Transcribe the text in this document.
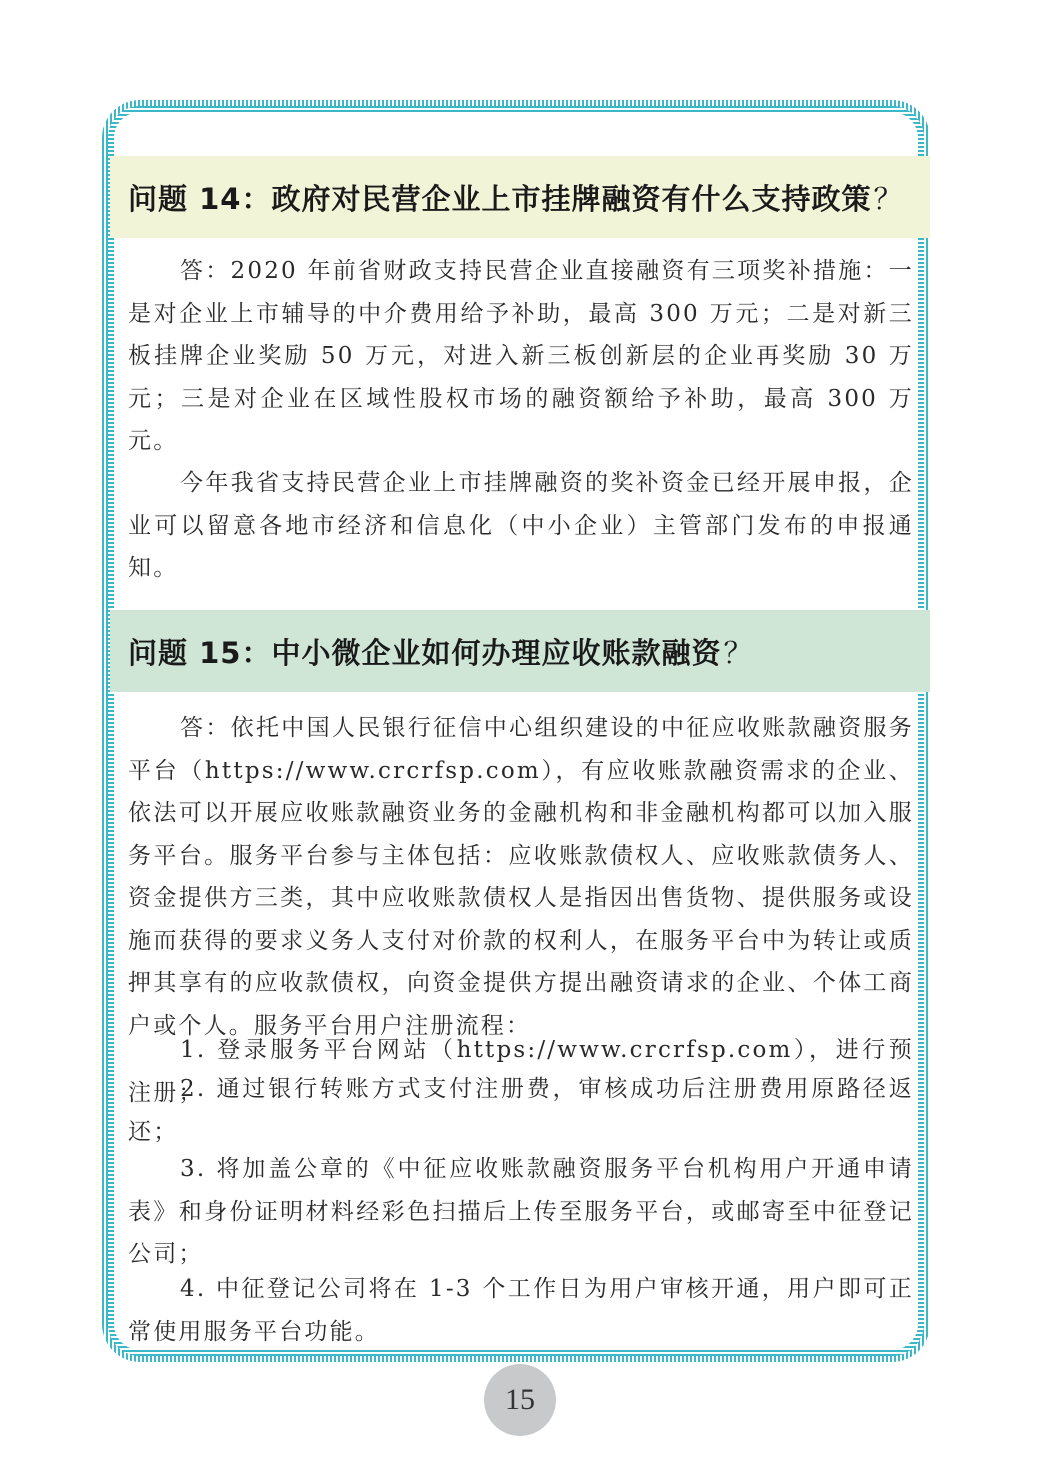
问题 14：政府对民营企业上市挂牌融资有什么支持政策 ？

答：2020 年前省财政支持民营企业直接融资有三项奖补措施：一是对企业上市辅导的中介费用给予补助，最高 300 万元；二是对新三板挂牌企业奖励 50 万元，对进入新三板创新层的企业再奖励 30 万元；三是对企业在区域性股权市场的融资额给予补助，最高 300 万元。

今年我省支持民营企业上市挂牌融资的奖补资金已经开展申报，企业可以留意各地市经济和信息化（中小企业）主管部门发布的申报通知。

问题 15：中小微企业如何办理应收账款融资 ？

答：依托中国人民银行征信中心组织建设的中征应收账款融资服务平台（https://www.crcrfsp.com），有应收账款融资需求的企业、依法可以开展应收账款融资业务的金融机构和非金融机构都可以加入服务平台。服务平台参与主体包括：应收账款债权人、应收账款债务人、资金提供方三类，其中应收账款债权人是指因出售货物、提供服务或设施而获得的要求义务人支付对价款的权利人，在服务平台中为转让或质押其享有的应收款债权，向资金提供方提出融资请求的企业、个体工商户或个人。服务平台用户注册流程：

1. 登录服务平台网站（https://www.crcrfsp.com），进行预注册；

2. 通过银行转账方式支付注册费，审核成功后注册费用原路径返还；

3. 将加盖公章的《中征应收账款融资服务平台机构用户开通申请表》和身份证明材料经彩色扫描后上传至服务平台，或邮寄至中征登记公司；

4. 中征登记公司将在 1-3 个工作日为用户审核开通，用户即可正常使用服务平台功能。

15
